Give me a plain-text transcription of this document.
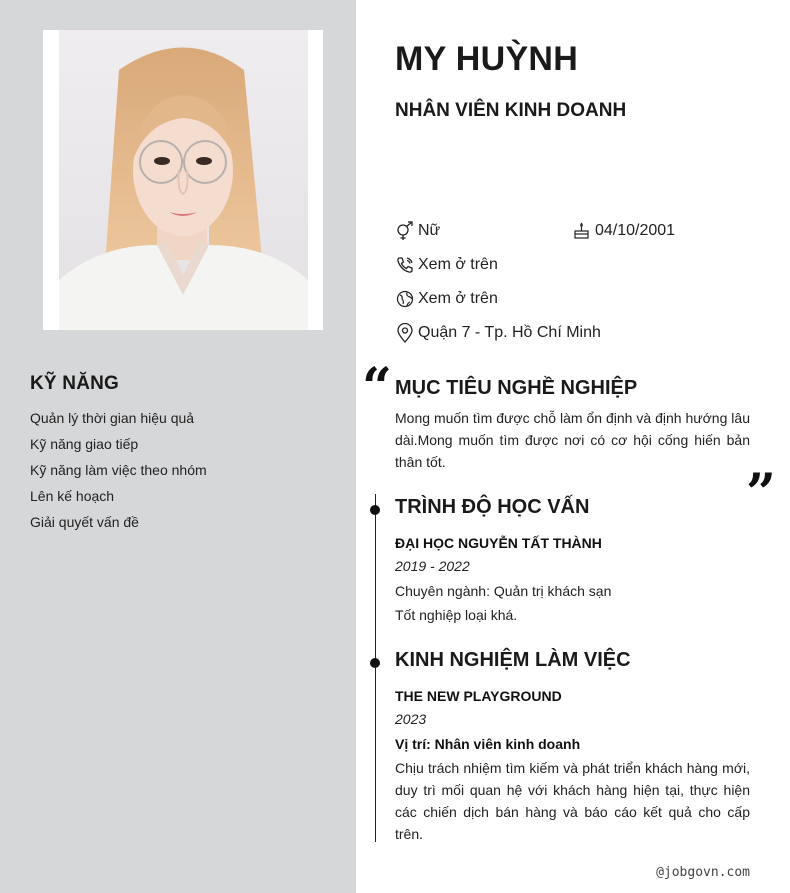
KỸ NĂNG
Quản lý thời gian hiệu quả
Kỹ năng giao tiếp
Kỹ năng làm việc theo nhóm
Lên kế hoạch
Giải quyết vấn đề
MY HUỲNH
NHÂN VIÊN KINH DOANH
Nữ	04/10/2001
Xem ở trên
Xem ở trên
Quận 7 - Tp. Hồ Chí Minh
“
”
MỤC TIÊU NGHỀ NGHIỆP

Mong muốn tìm được chỗ làm ổn định và định hướng lâu dài.Mong muốn tìm được nơi có cơ hội cống hiến bản thân tốt.

TRÌNH ĐỘ HỌC VẤN

ĐẠI HỌC NGUYỄN TẤT THÀNH

2019 - 2022

Chuyên ngành: Quản trị khách sạn

Tốt nghiệp loại khá.

KINH NGHIỆM LÀM VIỆC

THE NEW PLAYGROUND

2023

Vị trí: Nhân viên kinh doanh

Chịu trách nhiệm tìm kiếm và phát triển khách hàng mới, duy trì mối quan hệ với khách hàng hiện tại, thực hiện các chiến dịch bán hàng và báo cáo kết quả cho cấp trên.

@jobgovn.com
